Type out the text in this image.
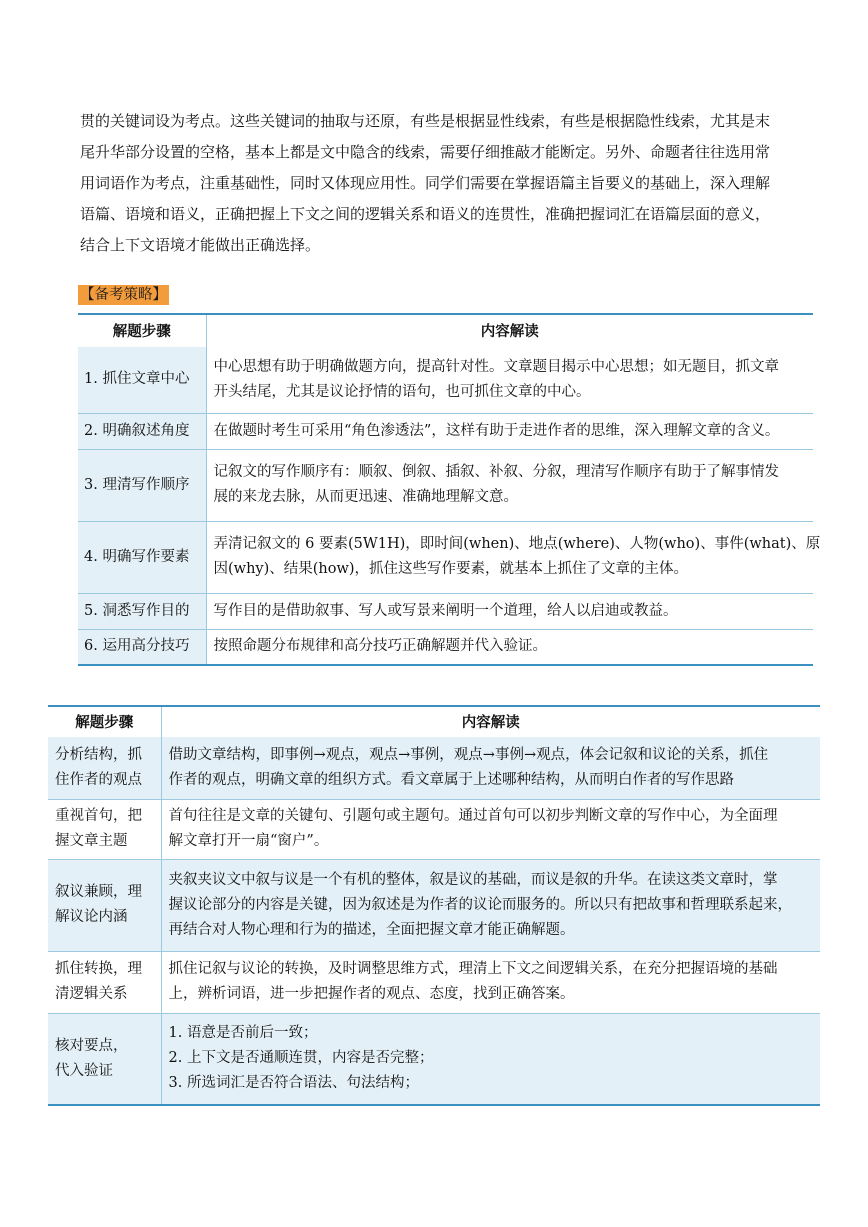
贯的关键词设为考点。这些关键词的抽取与还原，有些是根据显性线索，有些是根据隐性线索，尤其是末

尾升华部分设置的空格，基本上都是文中隐含的线索，需要仔细推敲才能断定。另外、命题者往往选用常

用词语作为考点，注重基础性，同时又体现应用性。同学们需要在掌握语篇主旨要义的基础上，深入理解

语篇、语境和语义，正确把握上下文之间的逻辑关系和语义的连贯性，准确把握词汇在语篇层面的意义，

结合上下文语境才能做出正确选择。

【备考策略】
解题步骤	内容解读
1. 抓住文章中心	中心思想有助于明确做题方向，提高针对性。文章题目揭示中心思想；如无题目，抓文章
开头结尾，尤其是议论抒情的语句，也可抓住文章的中心。

2. 明确叙述角度	在做题时考生可采用“角色渗透法”，这样有助于走进作者的思维，深入理解文章的含义。

3. 理清写作顺序	记叙文的写作顺序有：顺叙、倒叙、插叙、补叙、分叙，理清写作顺序有助于了解事情发
展的来龙去脉，从而更迅速、准确地理解文意。

4. 明确写作要素	弄清记叙文的 6 要素(5W1H)，即时间(when)、地点(where)、人物(who)、事件(what)、原
因(why)、结果(how)，抓住这些写作要素，就基本上抓住了文章的主体。

5. 洞悉写作目的	写作目的是借助叙事、写人或写景来阐明一个道理，给人以启迪或教益。

6. 运用高分技巧	按照命题分布规律和高分技巧正确解题并代入验证。
解题步骤	内容解读

分析结构，抓
住作者的观点	借助文章结构，即事例→观点，观点→事例，观点→事例→观点，体会记叙和议论的关系，抓住
作者的观点，明确文章的组织方式。看文章属于上述哪种结构，从而明白作者的写作思路

重视首句，把
握文章主题	首句往往是文章的关键句、引题句或主题句。通过首句可以初步判断文章的写作中心，为全面理
解文章打开一扇“窗户”。

叙议兼顾，理
解议论内涵	夹叙夹议文中叙与议是一个有机的整体，叙是议的基础，而议是叙的升华。在读这类文章时，掌
握议论部分的内容是关键，因为叙述是为作者的议论而服务的。所以只有把故事和哲理联系起来，
再结合对人物心理和行为的描述，全面把握文章才能正确解题。

抓住转换，理
清逻辑关系	抓住记叙与议论的转换，及时调整思维方式，理清上下文之间逻辑关系，在充分把握语境的基础
上，辨析词语，进一步把握作者的观点、态度，找到正确答案。

核对要点，
代入验证	1. 语意是否前后一致；
2. 上下文是否通顺连贯，内容是否完整；
3. 所选词汇是否符合语法、句法结构；
